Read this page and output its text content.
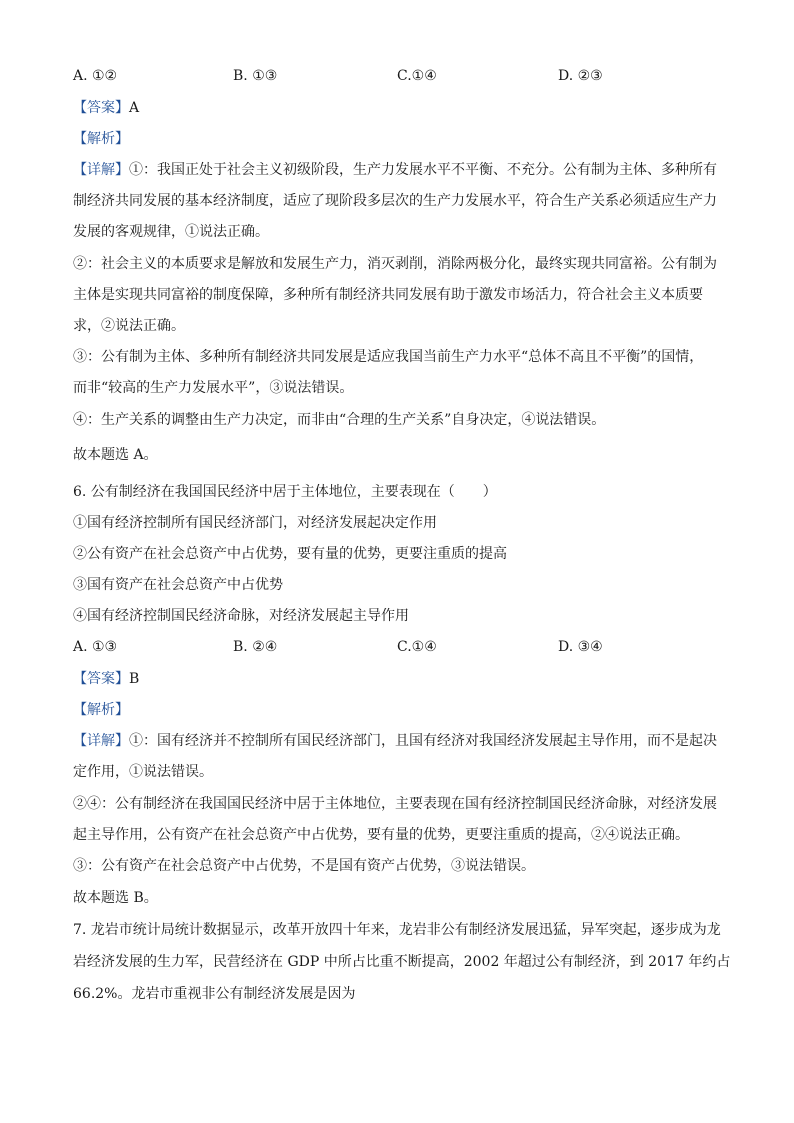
A. ①②	B. ①③	C.①④	D. ②③
【答案】A
【解析】
【详解】①：我国正处于社会主义初级阶段，生产力发展水平不平衡、不充分。公有制为主体、多种所有
制经济共同发展的基本经济制度，适应了现阶段多层次的生产力发展水平，符合生产关系必须适应生产力
发展的客观规律，①说法正确。
②：社会主义的本质要求是解放和发展生产力，消灭剥削，消除两极分化，最终实现共同富裕。公有制为
主体是实现共同富裕的制度保障，多种所有制经济共同发展有助于激发市场活力，符合社会主义本质要
求，②说法正确。
③：公有制为主体、多种所有制经济共同发展是适应我国当前生产力水平“总体不高且不平衡”的国情，
而非“较高的生产力发展水平”，③说法错误。
④：生产关系的调整由生产力决定，而非由“合理的生产关系”自身决定，④说法错误。
故本题选 A。
6. 公有制经济在我国国民经济中居于主体地位，主要表现在（　　）
①国有经济控制所有国民经济部门，对经济发展起决定作用
②公有资产在社会总资产中占优势，要有量的优势，更要注重质的提高
③国有资产在社会总资产中占优势
④国有经济控制国民经济命脉，对经济发展起主导作用
A. ①③	B. ②④	C.①④	D. ③④
【答案】B
【解析】
【详解】①：国有经济并不控制所有国民经济部门，且国有经济对我国经济发展起主导作用，而不是起决
定作用，①说法错误。
②④：公有制经济在我国国民经济中居于主体地位，主要表现在国有经济控制国民经济命脉，对经济发展
起主导作用，公有资产在社会总资产中占优势，要有量的优势，更要注重质的提高，②④说法正确。
③：公有资产在社会总资产中占优势，不是国有资产占优势，③说法错误。
故本题选 B。
7. 龙岩市统计局统计数据显示，改革开放四十年来，龙岩非公有制经济发展迅猛，异军突起，逐步成为龙
岩经济发展的生力军，民营经济在 GDP 中所占比重不断提高，2002 年超过公有制经济，到 2017 年约占
66.2%。龙岩市重视非公有制经济发展是因为
